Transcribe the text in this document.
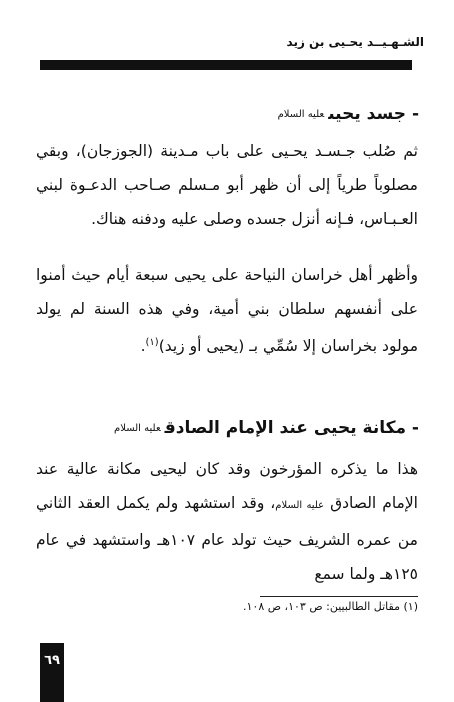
الشـهـيــد يحـيى بن زيد
- جسد يحيىعليه السلام
ثم صُلب جـسـد يحـيى على باب مـدينة (الجوزجان)، وبقي مصلوباً طرياً إلى أن ظهر أبو مـسلم صـاحب الدعـوة لبني العـبـاس، فـإنه أنزل جسده وصلى عليه ودفنه هناك.
وأظهر أهل خراسان النياحة على يحيى سبعة أيام حيث أمنوا على أنفسهم سلطان بني أمية، وفي هذه السنة لم يولد مولود بخراسان إلا سُمِّي بـ (يحيى أو زيد)$^{(١)}$.
- مكانة يحيى عند الإمام الصادقعليه السلام
هذا ما يذكره المؤرخون وقد كان ليحيى مكانة عالية عند الإمام الصادق عليه السلام، وقد استشهد ولم يكمل العقد الثاني من عمره الشريف حيث تولد عام ١٠٧هـ واستشهد في عام ١٢٥هـ ولما سمع
(١) مقاتل الطالبيين: ص ١٠٣، ص ١٠٨.
٦٩
